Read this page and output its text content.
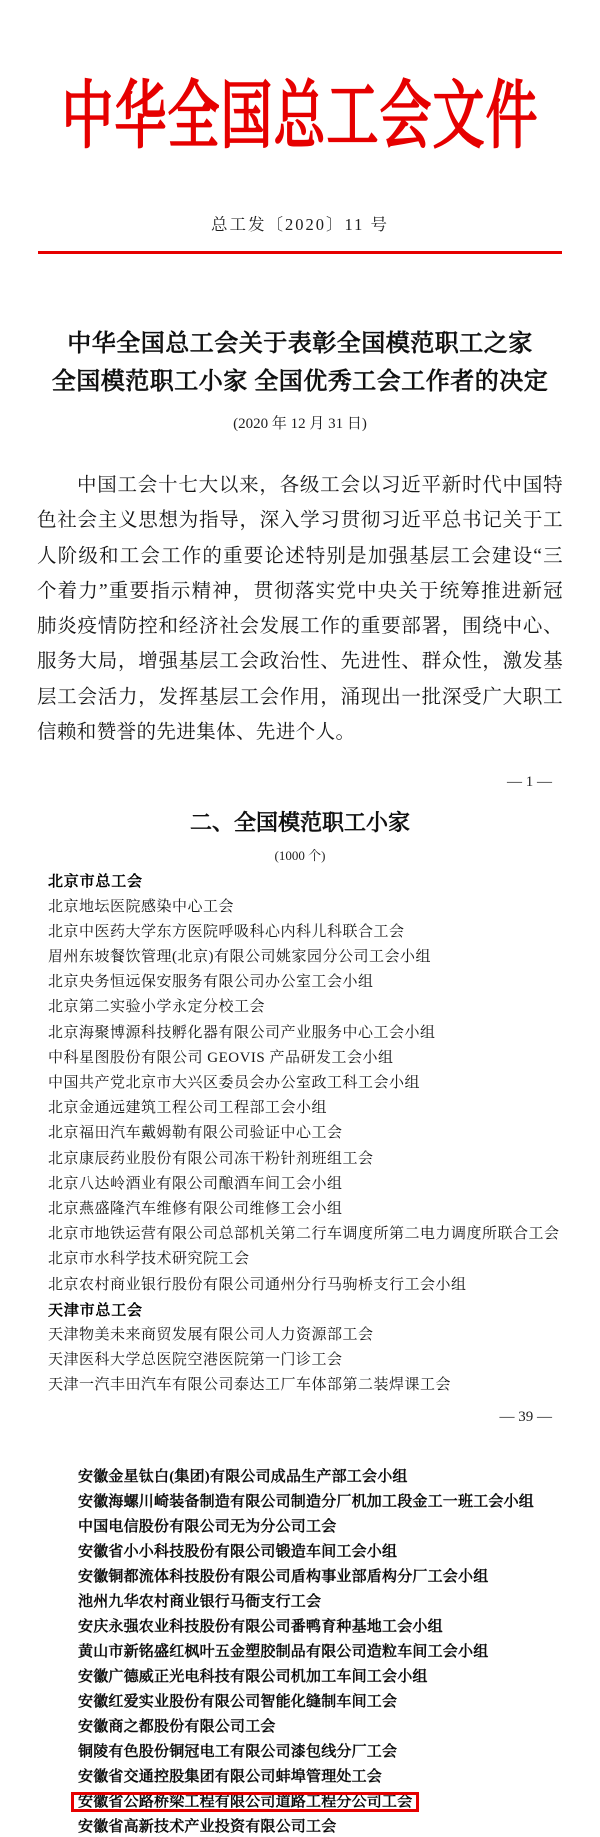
中华全国总工会文件
总工发〔2020〕11 号
中华全国总工会关于表彰全国模范职工之家
全国模范职工小家 全国优秀工会工作者的决定
(2020 年 12 月 31 日)

中国工会十七大以来，各级工会以习近平新时代中国特色社会主义思想为指导，深入学习贯彻习近平总书记关于工人阶级和工会工作的重要论述特别是加强基层工会建设“三个着力”重要指示精神，贯彻落实党中央关于统筹推进新冠肺炎疫情防控和经济社会发展工作的重要部署，围绕中心、服务大局，增强基层工会政治性、先进性、群众性，激发基层工会活力，发挥基层工会作用，涌现出一批深受广大职工信赖和赞誉的先进集体、先进个人。

— 1 —
二、全国模范职工小家
(1000 个)
北京市总工会
北京地坛医院感染中心工会
北京中医药大学东方医院呼吸科心内科儿科联合工会
眉州东坡餐饮管理(北京)有限公司姚家园分公司工会小组
北京央务恒远保安服务有限公司办公室工会小组
北京第二实验小学永定分校工会
北京海聚博源科技孵化器有限公司产业服务中心工会小组
中科星图股份有限公司 GEOVIS 产品研发工会小组
中国共产党北京市大兴区委员会办公室政工科工会小组
北京金通远建筑工程公司工程部工会小组
北京福田汽车戴姆勒有限公司验证中心工会
北京康辰药业股份有限公司冻干粉针剂班组工会
北京八达岭酒业有限公司酿酒车间工会小组
北京燕盛隆汽车维修有限公司维修工会小组
北京市地铁运营有限公司总部机关第二行车调度所第二电力调度所联合工会
北京市水科学技术研究院工会
北京农村商业银行股份有限公司通州分行马驹桥支行工会小组
天津市总工会
天津物美未来商贸发展有限公司人力资源部工会
天津医科大学总医院空港医院第一门诊工会
天津一汽丰田汽车有限公司泰达工厂车体部第二装焊课工会
— 39 —
安徽金星钛白(集团)有限公司成品生产部工会小组
安徽海螺川崎装备制造有限公司制造分厂机加工段金工一班工会小组
中国电信股份有限公司无为分公司工会
安徽省小小科技股份有限公司锻造车间工会小组
安徽铜都流体科技股份有限公司盾构事业部盾构分厂工会小组
池州九华农村商业银行马衙支行工会
安庆永强农业科技股份有限公司番鸭育种基地工会小组
黄山市新铭盛红枫叶五金塑胶制品有限公司造粒车间工会小组
安徽广德威正光电科技有限公司机加工车间工会小组
安徽红爱实业股份有限公司智能化缝制车间工会
安徽商之都股份有限公司工会
铜陵有色股份铜冠电工有限公司漆包线分厂工会
安徽省交通控股集团有限公司蚌埠管理处工会
安徽省公路桥梁工程有限公司道路工程分公司工会
安徽省高新技术产业投资有限公司工会
